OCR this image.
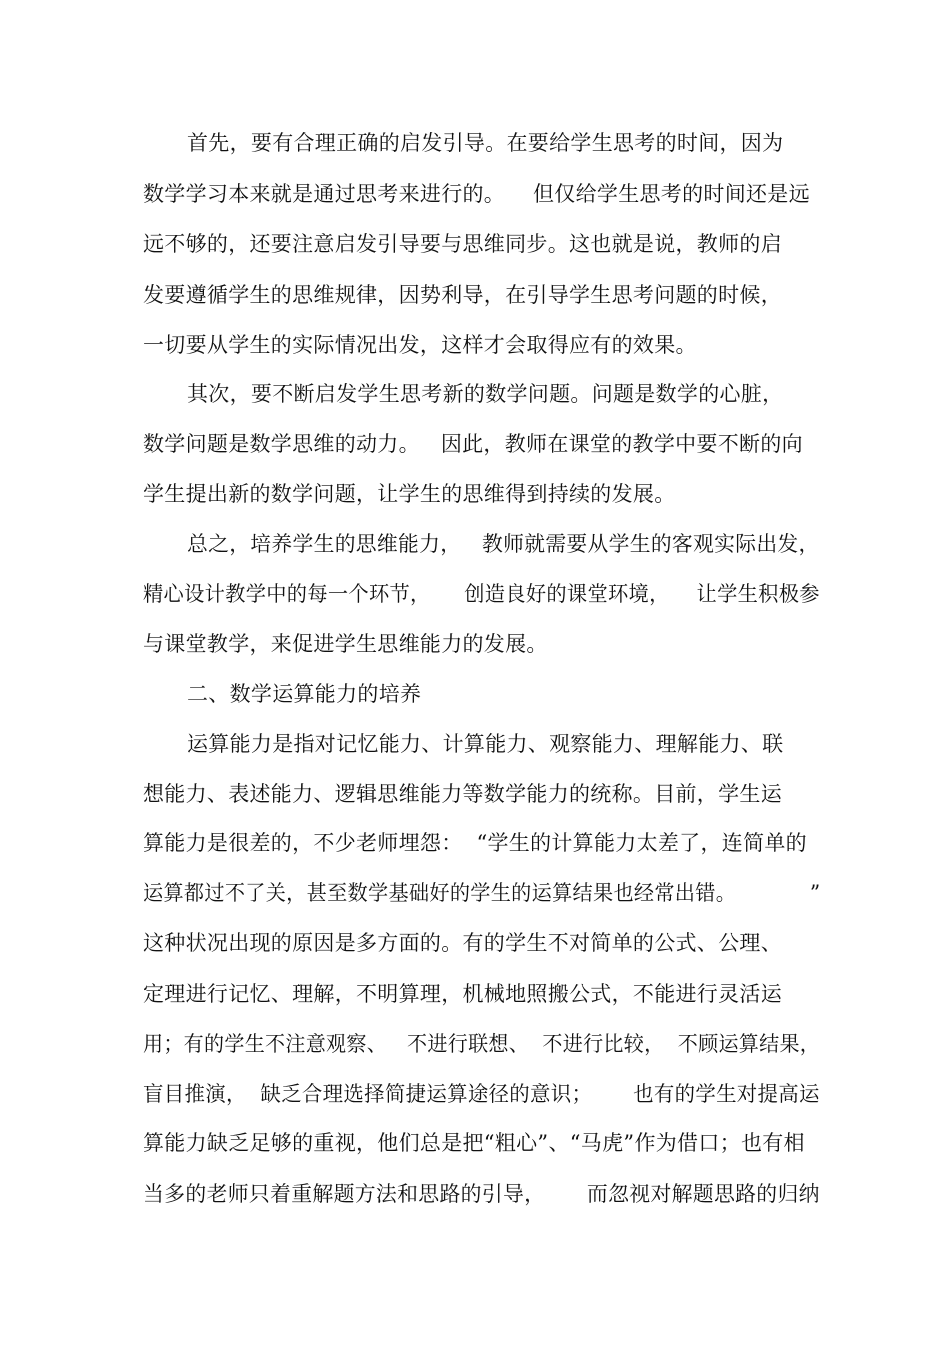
首先，要有合理正确的启发引导。在要给学生思考的时间，因为

数学学习本来就是通过思考来进行的。    但仅给学生思考的时间还是远

远不够的，还要注意启发引导要与思维同步。这也就是说，教师的启

发要遵循学生的思维规律，因势利导，在引导学生思考问题的时候，

一切要从学生的实际情况出发，这样才会取得应有的效果。

其次，要不断启发学生思考新的数学问题。问题是数学的心脏，

数学问题是数学思维的动力。   因此，教师在课堂的教学中要不断的向

学生提出新的数学问题，让学生的思维得到持续的发展。

总之，培养学生的思维能力，   教师就需要从学生的客观实际出发，

精心设计教学中的每一个环节，     创造良好的课堂环境，    让学生积极参

与课堂教学，来促进学生思维能力的发展。

二、数学运算能力的培养

运算能力是指对记忆能力、计算能力、观察能力、理解能力、联

想能力、表述能力、逻辑思维能力等数学能力的统称。目前，学生运

算能力是很差的，不少老师埋怨：  “学生的计算能力太差了，连简单的

运算都过不了关，甚至数学基础好的学生的运算结果也经常出错。           ”

这种状况出现的原因是多方面的。有的学生不对简单的公式、公理、

定理进行记忆、理解，不明算理，机械地照搬公式，不能进行灵活运

用；有的学生不注意观察、   不进行联想、  不进行比较，  不顾运算结果，

盲目推演，  缺乏合理选择简捷运算途径的意识；      也有的学生对提高运

算能力缺乏足够的重视，他们总是把“粗心”、“马虎”作为借口；也有相

当多的老师只着重解题方法和思路的引导，      而忽视对解题思路的归纳
